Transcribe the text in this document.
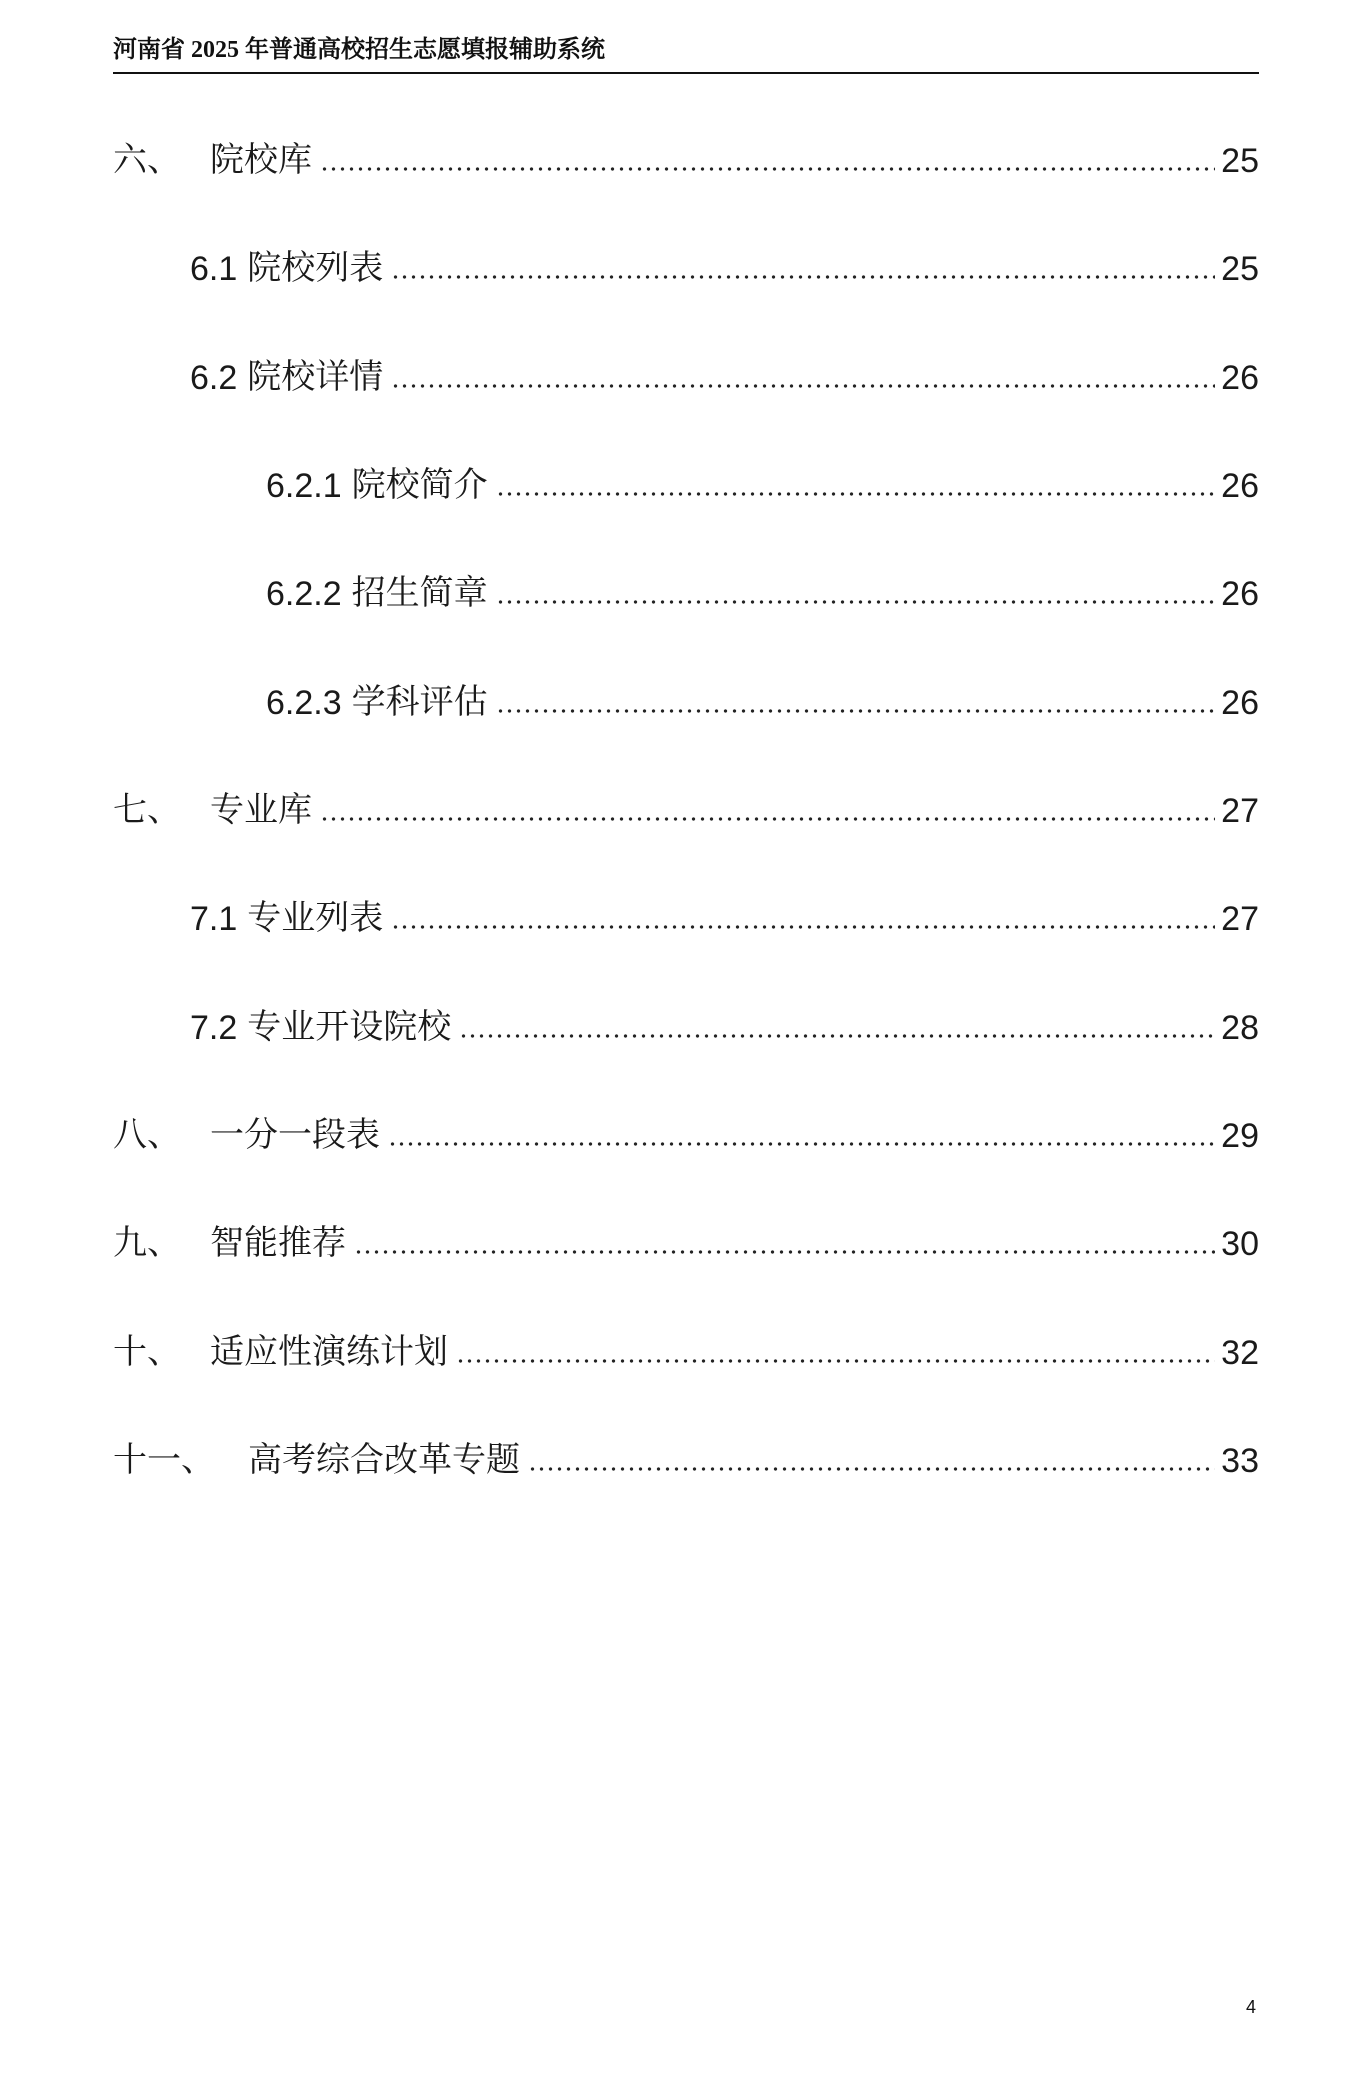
河南省 2025 年普通高校招生志愿填报辅助系统
六、 院校库	25
6.1 院校列表	25
6.2 院校详情	26
6.2.1 院校简介	26
6.2.2 招生简章	26
6.2.3 学科评估	26
七、 专业库	27
7.1 专业列表	27
7.2 专业开设院校	28
八、 一分一段表	29
九、 智能推荐	30
十、 适应性演练计划	32
十一、 高考综合改革专题	33
4
